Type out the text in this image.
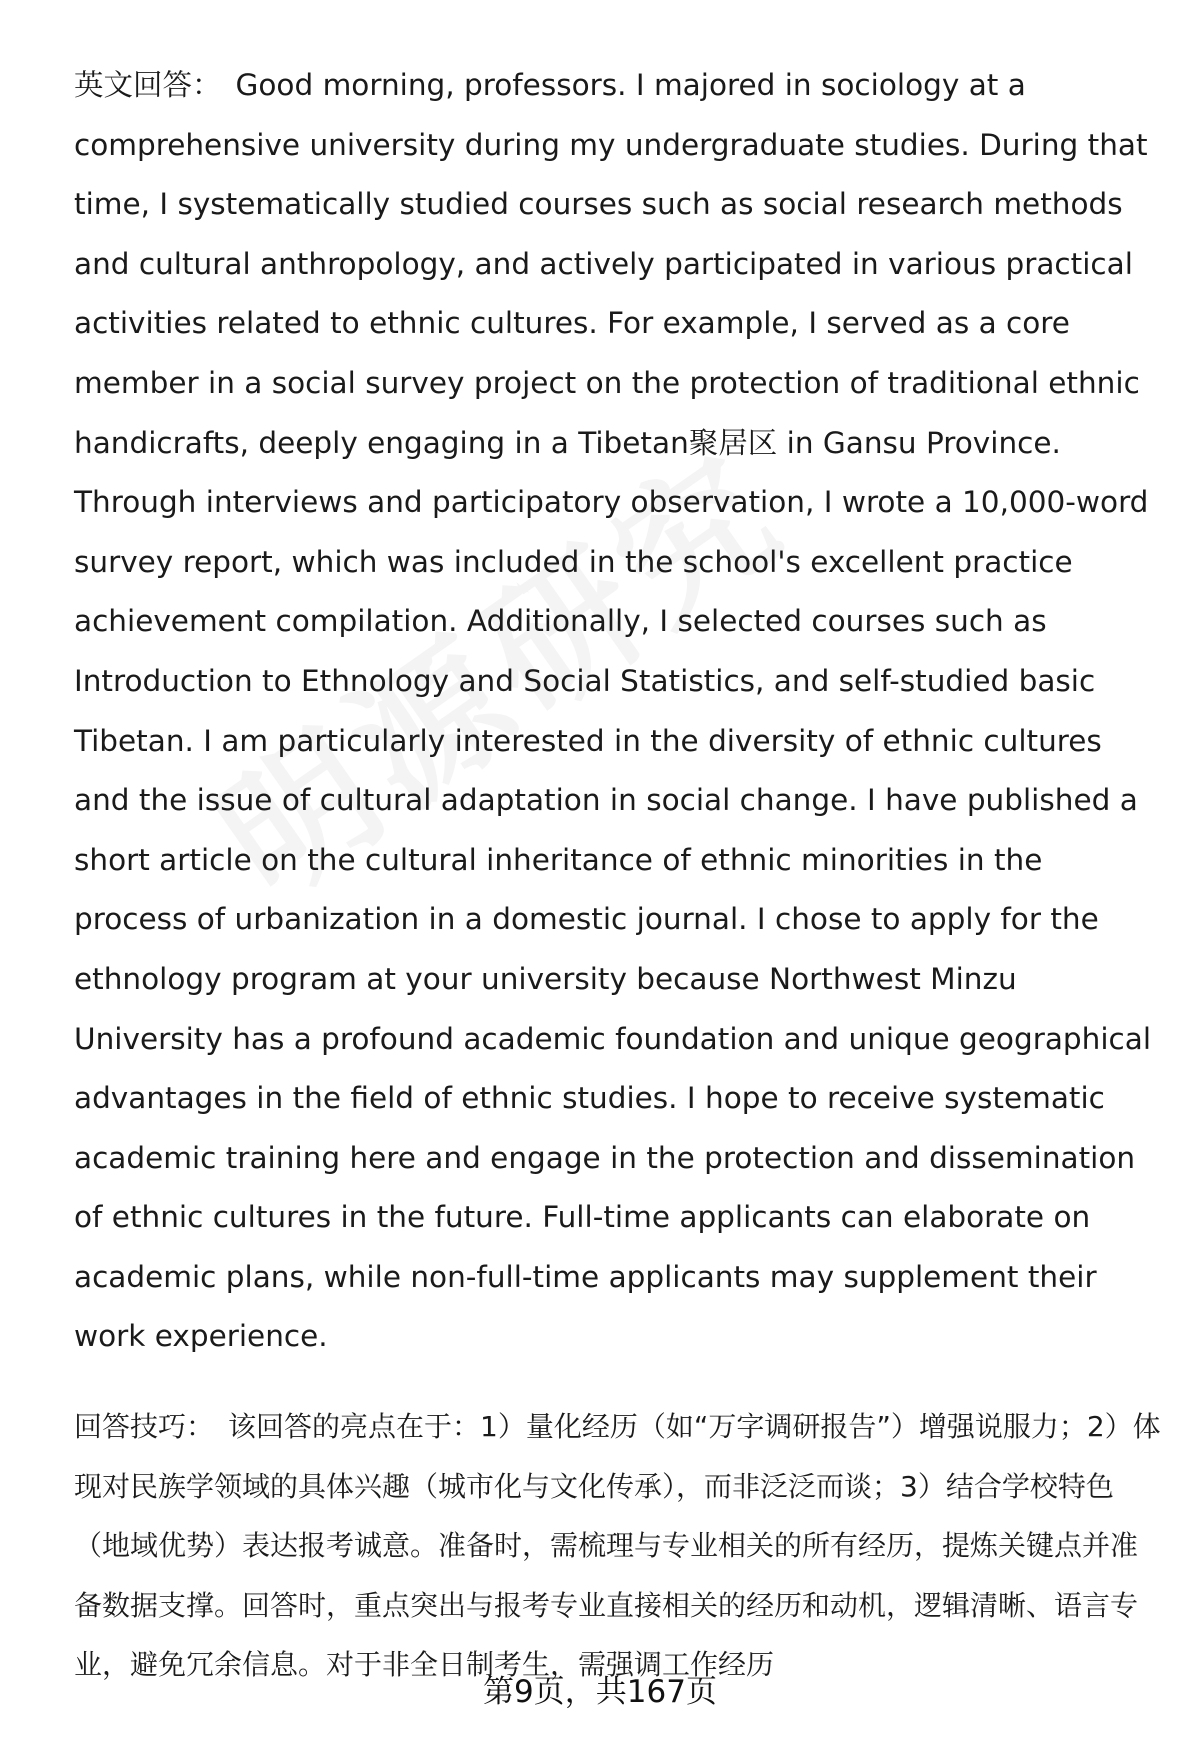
英文回答： Good morning, professors. I majored in sociology at a comprehensive university during my undergraduate studies. During that time, I systematically studied courses such as social research methods and cultural anthropology, and actively participated in various practical activities related to ethnic cultures. For example, I served as a core member in a social survey project on the protection of traditional ethnic handicrafts, deeply engaging in a Tibetan聚居区 in Gansu Province. Through interviews and participatory observation, I wrote a 10,000-word survey report, which was included in the school's excellent practice achievement compilation. Additionally, I selected courses such as Introduction to Ethnology and Social Statistics, and self-studied basic Tibetan. I am particularly interested in the diversity of ethnic cultures and the issue of cultural adaptation in social change. I have published a short article on the cultural inheritance of ethnic minorities in the process of urbanization in a domestic journal. I chose to apply for the ethnology program at your university because Northwest Minzu University has a profound academic foundation and unique geographical advantages in the field of ethnic studies. I hope to receive systematic academic training here and engage in the protection and dissemination of ethnic cultures in the future. Full-time applicants can elaborate on academic plans, while non-full-time applicants may supplement their work experience.

回答技巧： 该回答的亮点在于：1）量化经历（如“万字调研报告”）增强说服力；2）体现对民族学领域的具体兴趣（城市化与文化传承），而非泛泛而谈；3）结合学校特色（地域优势）表达报考诚意。准备时，需梳理与专业相关的所有经历，提炼关键点并准备数据支撑。回答时，重点突出与报考专业直接相关的经历和动机，逻辑清晰、语言专业，避免冗余信息。对于非全日制考生，需强调工作经历

第9页，共167页
